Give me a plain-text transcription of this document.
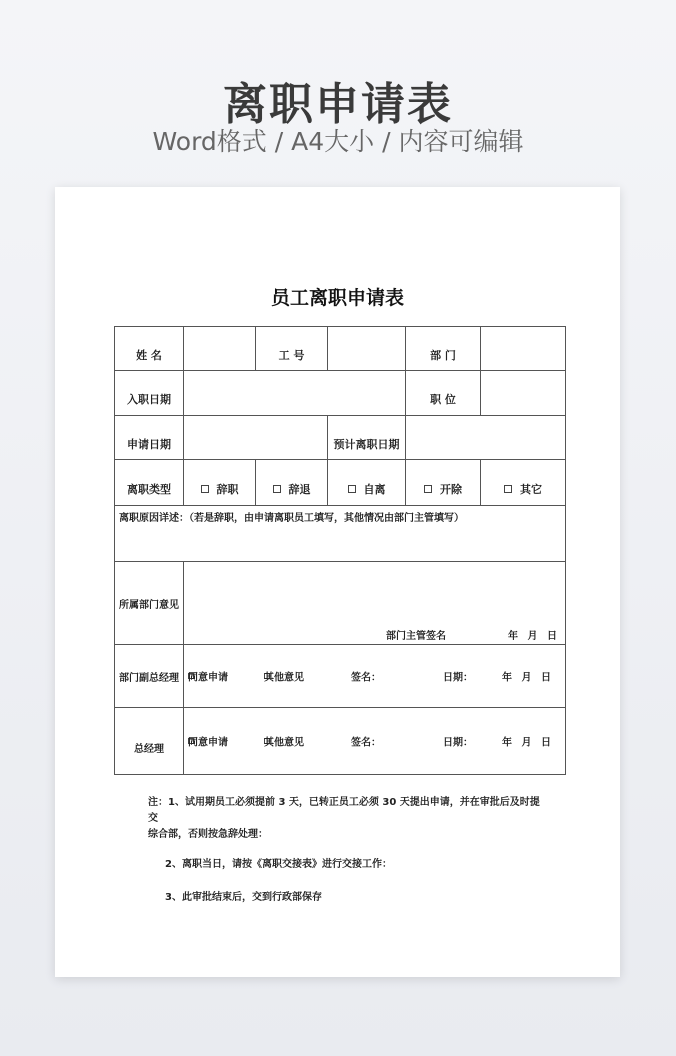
离职申请表
Word格式 / A4大小 / 内容可编辑
员工离职申请表
姓 名		工 号		部 门	
入职日期				职 位	
申请日期			预计离职日期		
离职类型	辞职	辞退	自离	开除	其它
离职原因详述：（若是辞职，由申请离职员工填写，其他情况由部门主管填写）					
所属部门意见	部门主管签名 年 月 日				

部门副总经理	同意申请 其他意见 签名： 日期： 年 月 日				

总经理	同意申请 其他意见 签名： 日期： 年 月 日				

注：1、试用期员工必须提前 3 天，已转正员工必须 30 天提出申请，并在审批后及时提交

综合部，否则按急辞处理：

2、离职当日，请按《离职交接表》进行交接工作：

3、此审批结束后，交到行政部保存
